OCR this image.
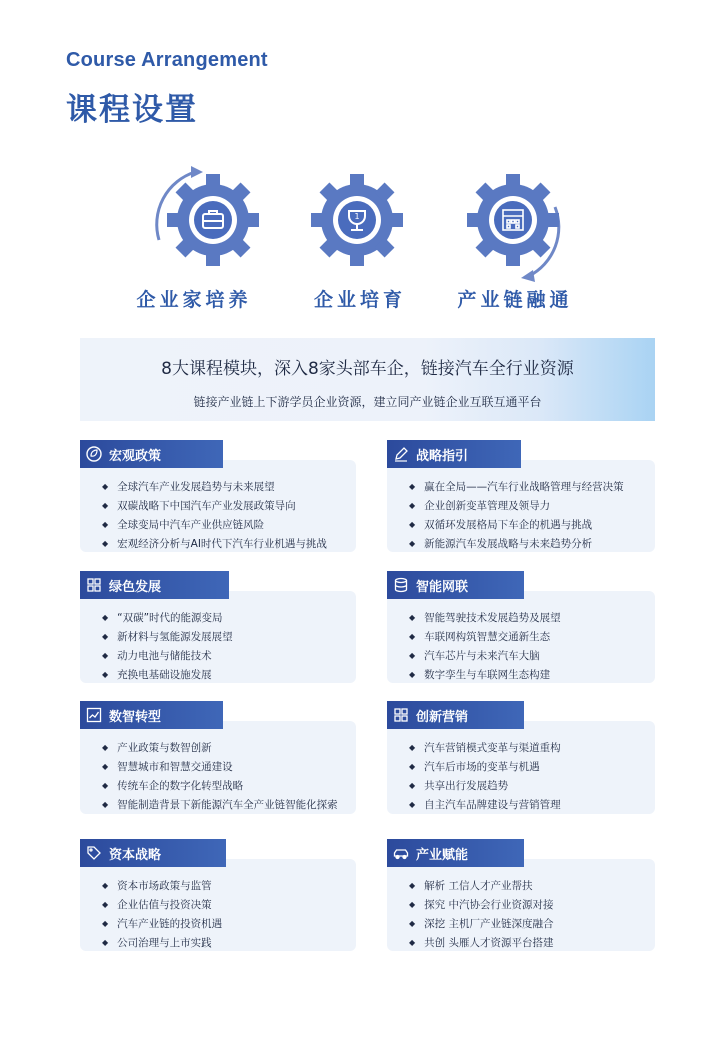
Course Arrangement
课程设置
企业家培养
1
企业培育	产业链融通
8大课程模块，深入8家头部车企，链接汽车全行业资源
链接产业链上下游学员企业资源，建立同产业链企业互联互通平台
宏观政策
◆ 全球汽车产业发展趋势与未来展望
◆ 双碳战略下中国汽车产业发展政策导向
◆ 全球变局中汽车产业供应链风险
◆ 宏观经济分析与AI时代下汽车行业机遇与挑战
战略指引
◆ 赢在全局——汽车行业战略管理与经营决策
◆ 企业创新变革管理及领导力
◆ 双循环发展格局下车企的机遇与挑战
◆ 新能源汽车发展战略与未来趋势分析
绿色发展
◆ “双碳”时代的能源变局
◆ 新材料与氢能源发展展望
◆ 动力电池与储能技术
◆ 充换电基础设施发展
智能网联
◆ 智能驾驶技术发展趋势及展望
◆ 车联网构筑智慧交通新生态
◆ 汽车芯片与未来汽车大脑
◆ 数字孪生与车联网生态构建
数智转型
◆ 产业政策与数智创新
◆ 智慧城市和智慧交通建设
◆ 传统车企的数字化转型战略
◆ 智能制造背景下新能源汽车全产业链智能化探索
创新营销
◆ 汽车营销模式变革与渠道重构
◆ 汽车后市场的变革与机遇
◆ 共享出行发展趋势
◆ 自主汽车品牌建设与营销管理
资本战略
◆ 资本市场政策与监管
◆ 企业估值与投资决策
◆ 汽车产业链的投资机遇
◆ 公司治理与上市实践
产业赋能
◆ 解析 工信人才产业帮扶
◆ 探究 中汽协会行业资源对接
◆ 深挖 主机厂产业链深度融合
◆ 共创 头雁人才资源平台搭建
